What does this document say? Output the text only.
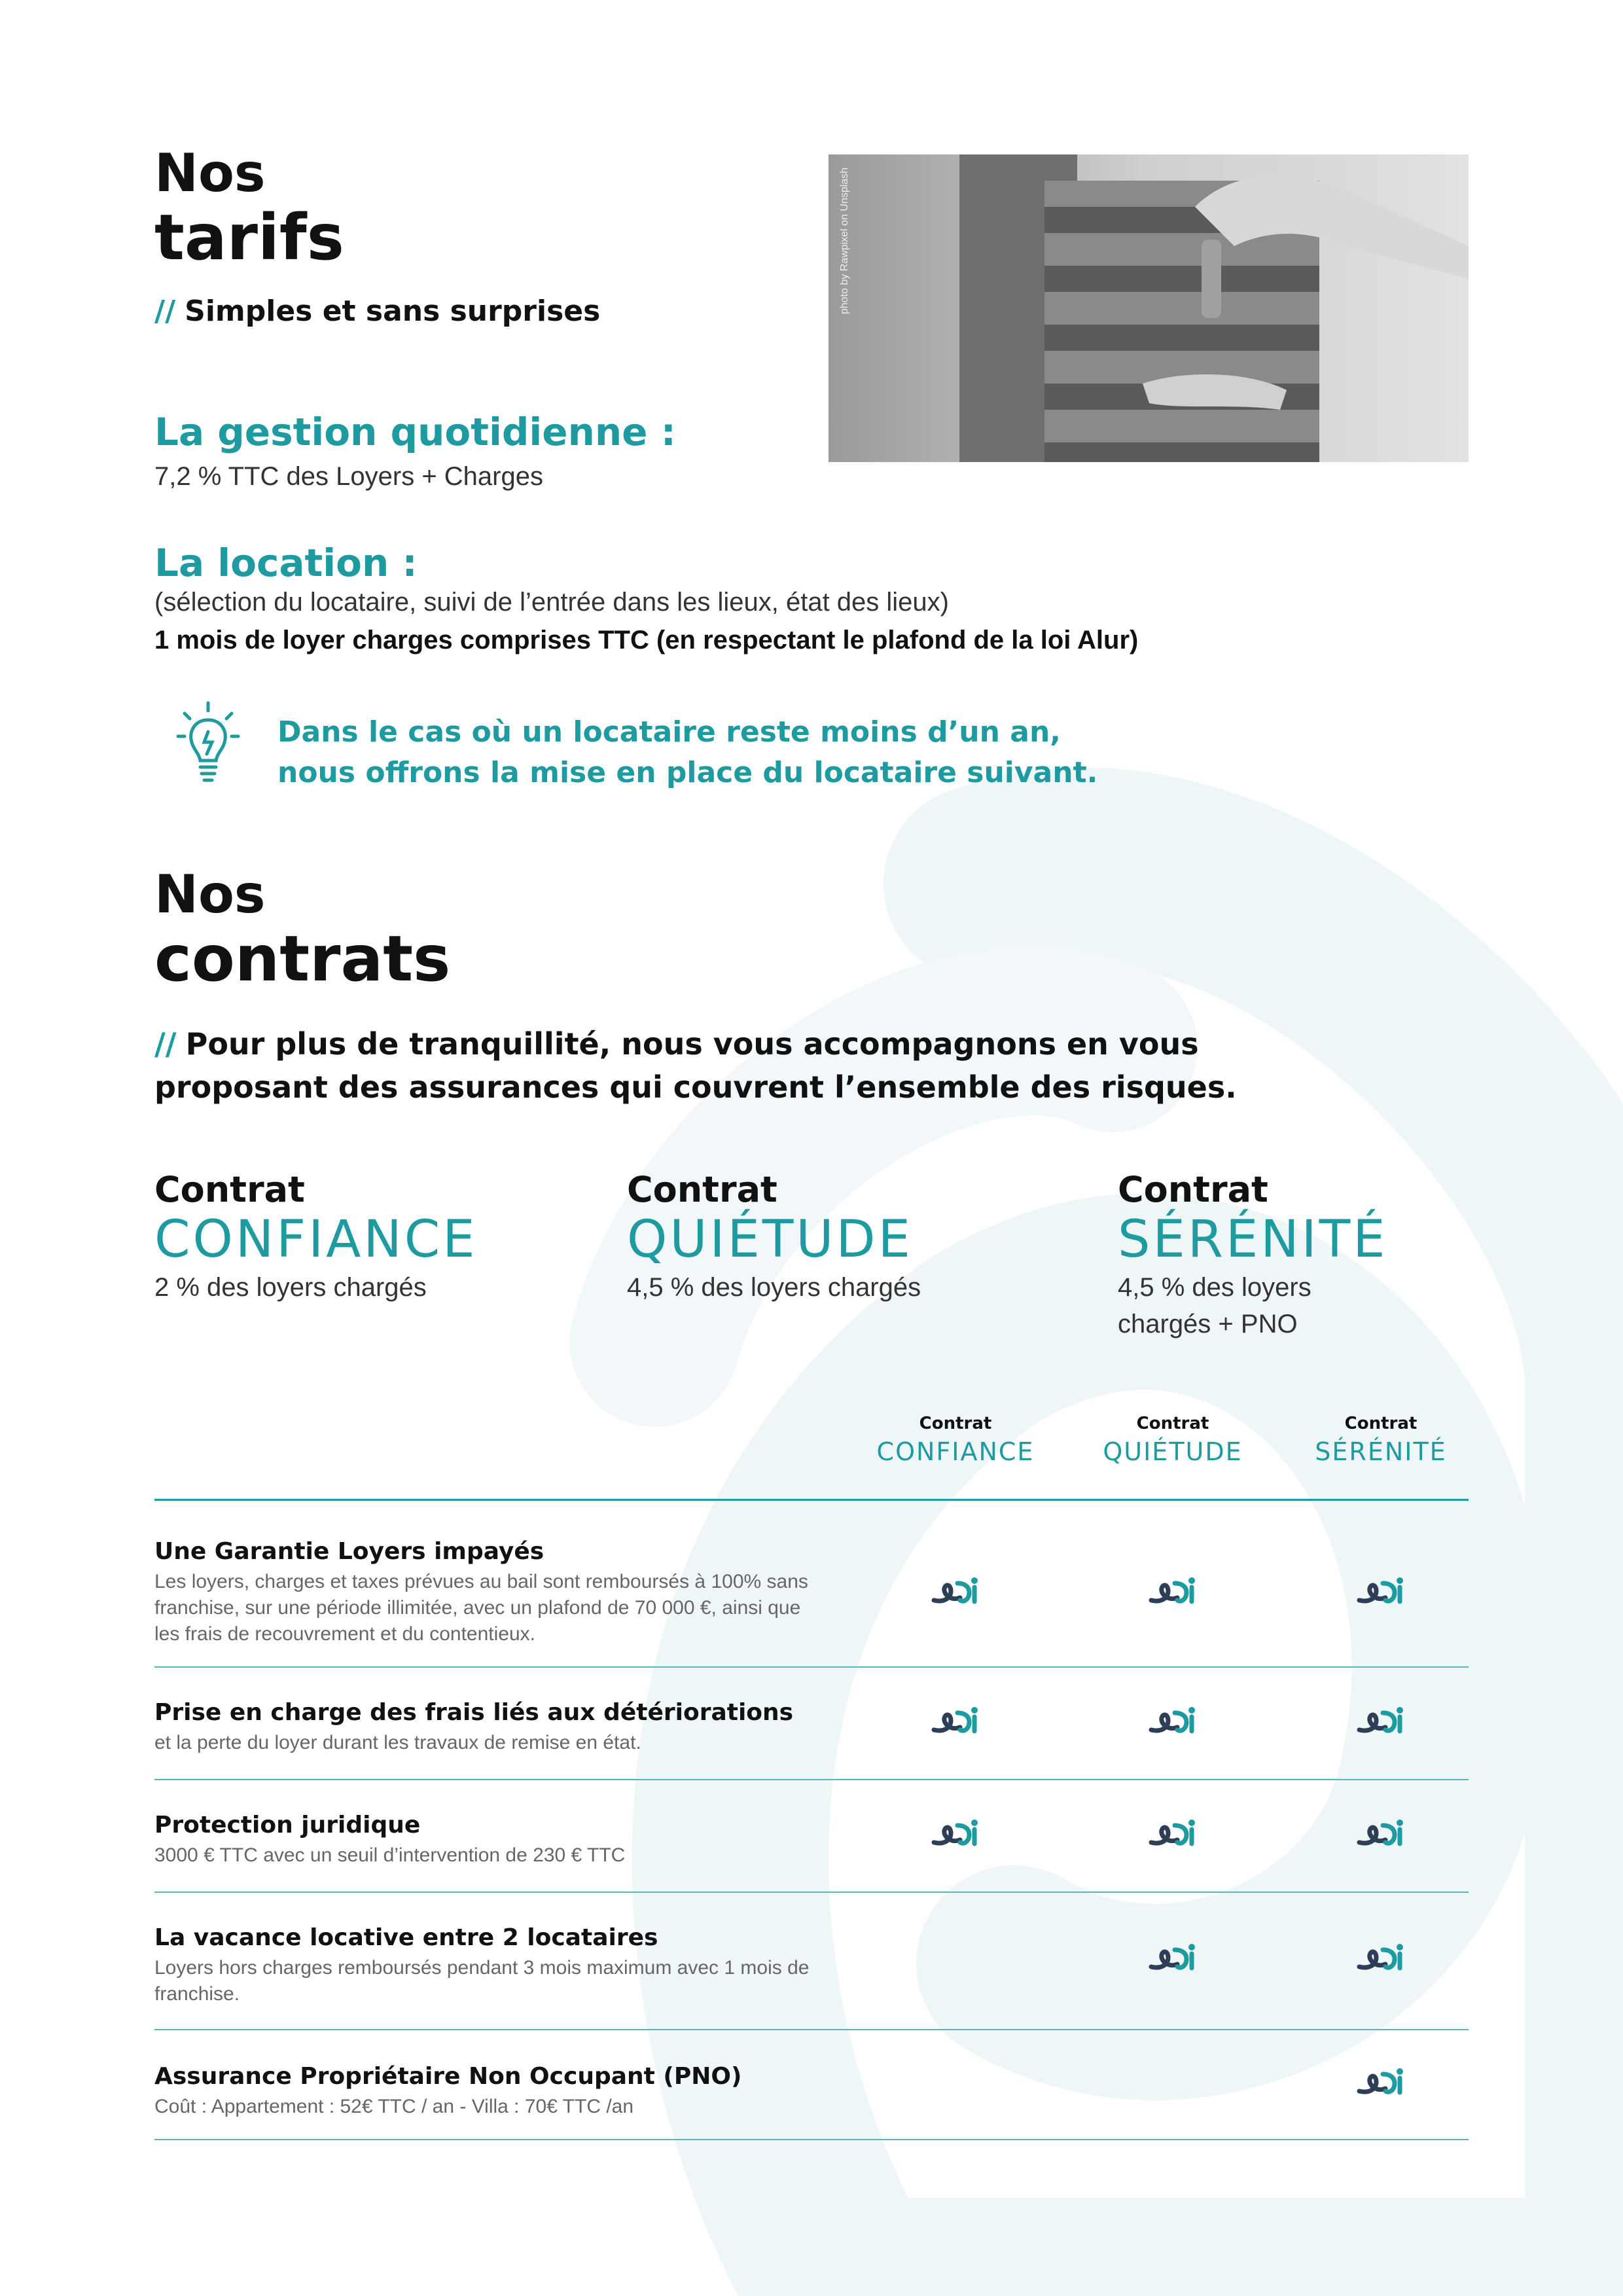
Nos
tarifs
// Simples et sans surprises	photo by Rawpixel on Unsplash
La gestion quotidienne :
7,2 % TTC des Loyers + Charges
La location :
(sélection du locataire, suivi de l’entrée dans les lieux, état des lieux)
1 mois de loyer charges comprises TTC (en respectant le plafond de la loi Alur)
Dans le cas où un locataire reste moins d’un an,
nous offrons la mise en place du locataire suivant.
Nos
contrats
// Pour plus de tranquillité, nous vous accompagnons en vous
proposant des assurances qui couvrent l’ensemble des risques.
Contrat
CONFIANCE
2 % des loyers chargés
Contrat
QUIÉTUDE
4,5 % des loyers chargés
Contrat
SÉRÉNITÉ
4,5 % des loyers chargés + PNO
Contrat
CONFIANCE
Contrat
QUIÉTUDE
Contrat
SÉRÉNITÉ
Une Garantie Loyers impayés
Les loyers, charges et taxes prévues au bail sont remboursés à 100% sans franchise, sur une période illimitée, avec un plafond de 70 000 €, ainsi que les frais de recouvrement et du contentieux.
Prise en charge des frais liés aux détériorations
et la perte du loyer durant les travaux de remise en état.
Protection juridique
3000 € TTC avec un seuil d’intervention de 230 € TTC
La vacance locative entre 2 locataires
Loyers hors charges remboursés pendant 3 mois maximum avec 1 mois de franchise.
Assurance Propriétaire Non Occupant (PNO)
Coût : Appartement : 52€ TTC / an - Villa : 70€ TTC /an
